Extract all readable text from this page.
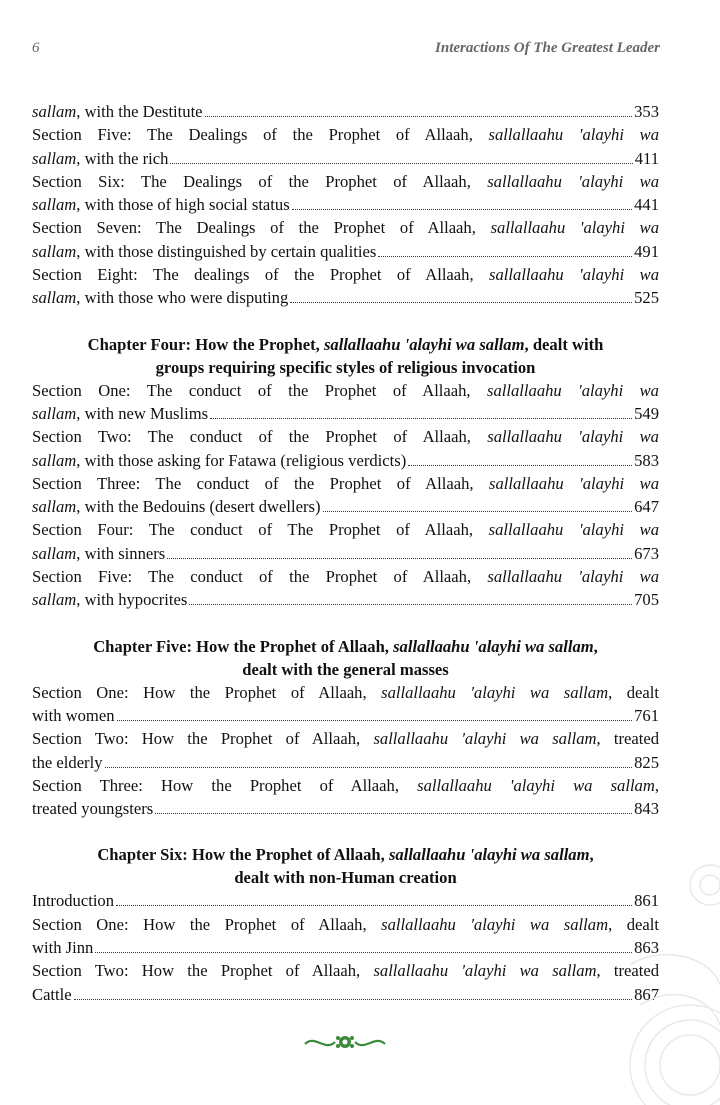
6	Interactions Of The Greatest Leader
sallam, with the Destitute	353
Section Five: The Dealings of the Prophet of Allaah, sallallaahu 'alayhi wa
sallam, with the rich	411
Section Six: The Dealings of the Prophet of Allaah, sallallaahu 'alayhi wa
sallam, with those of high social status	441
Section Seven: The Dealings of the Prophet of Allaah, sallallaahu 'alayhi wa
sallam, with those distinguished by certain qualities	491
Section Eight: The dealings of the Prophet of Allaah, sallallaahu 'alayhi wa
sallam, with those who were disputing	525
Chapter Four: How the Prophet, sallallaahu 'alayhi wa sallam, dealt with
groups requiring specific styles of religious invocation
Section One: The conduct of the Prophet of Allaah, sallallaahu 'alayhi wa
sallam, with new Muslims	549
Section Two: The conduct of the Prophet of Allaah, sallallaahu 'alayhi wa
sallam, with those asking for Fatawa (religious verdicts)	583
Section Three: The conduct of the Prophet of Allaah, sallallaahu 'alayhi wa
sallam, with the Bedouins (desert dwellers)	647
Section Four: The conduct of The Prophet of Allaah, sallallaahu 'alayhi wa
sallam, with sinners	673
Section Five: The conduct of the Prophet of Allaah, sallallaahu 'alayhi wa
sallam, with hypocrites	705
Chapter Five: How the Prophet of Allaah, sallallaahu 'alayhi wa sallam,
dealt with the general masses
Section One: How the Prophet of Allaah, sallallaahu 'alayhi wa sallam, dealt
with women	761
Section Two: How the Prophet of Allaah, sallallaahu 'alayhi wa sallam, treated
the elderly	825
Section Three: How the Prophet of Allaah, sallallaahu 'alayhi wa sallam,
treated youngsters	843
Chapter Six: How the Prophet of Allaah, sallallaahu 'alayhi wa sallam,
dealt with non-Human creation
Introduction	861
Section One: How the Prophet of Allaah, sallallaahu 'alayhi wa sallam, dealt
with Jinn	863
Section Two: How the Prophet of Allaah, sallallaahu 'alayhi wa sallam, treated
Cattle	867
